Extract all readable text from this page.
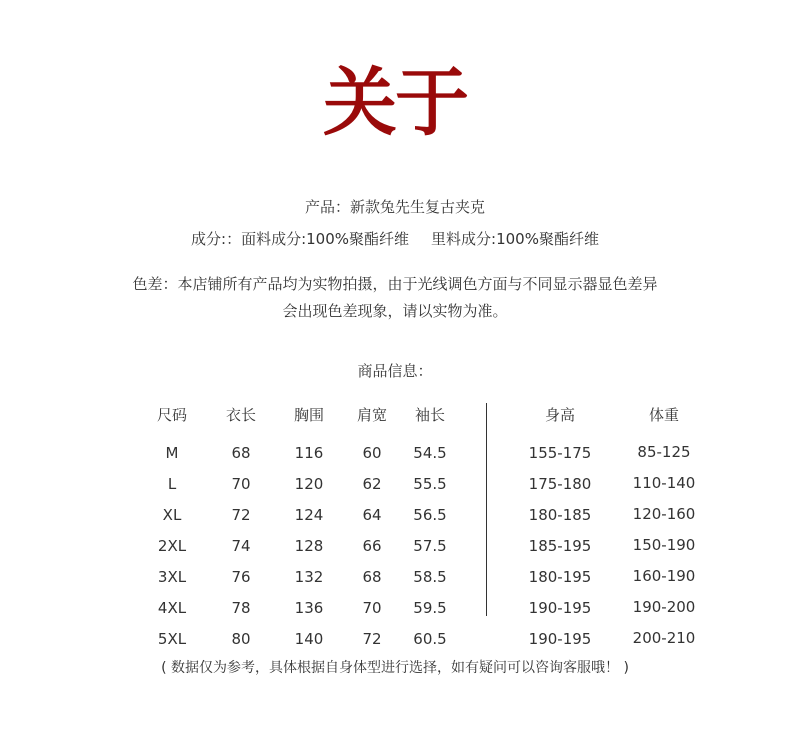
关于
产品：新款兔先生复古夹克
成分:：面料成分:100%聚酯纤维 里料成分:100%聚酯纤维
色差：本店铺所有产品均为实物拍摄，由于光线调色方面与不同显示器显色差异
会出现色差现象，请以实物为准。
商品信息：
尺码	衣长	胸围 肩宽 袖长	身高	体重
M	68	116	60 54.5	155-175	85-125
L	70	120	62 55.5	175-180	110-140
XL	72	124	64 56.5	180-185	120-160
2XL	74	128	66 57.5	185-195	150-190
3XL	76	132	68 58.5	180-195	160-190
4XL	78	136	70 59.5	190-195	190-200
5XL	80	140	72 60.5	190-195	200-210
( 数据仅为参考，具体根据自身体型进行选择，如有疑问可以咨询客服哦！ )
